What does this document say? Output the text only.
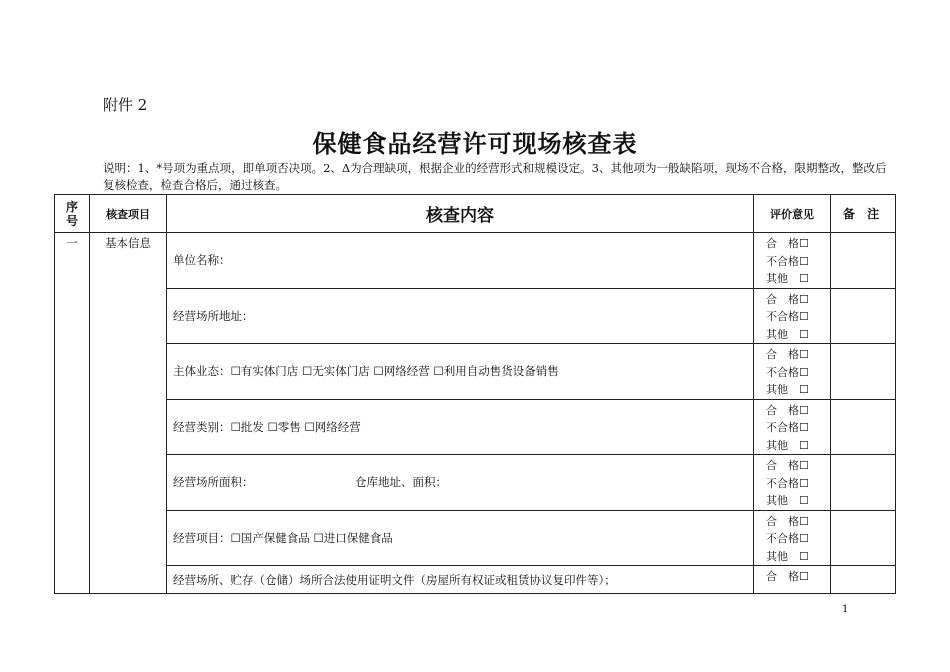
附件 2
保健食品经营许可现场核查表
说明：1、*号项为重点项，即单项否决项。2、Δ为合理缺项，根据企业的经营形式和规模设定。3、其他项为一般缺陷项，现场不合格，限期整改，整改后复核检查，检查合格后，通过核查。
序号	核查项目	核查内容	评价意见	备 注
一	基本信息	单位名称：	合　格☐
不合格☐
其他　☐	

		经营场所地址：	合　格☐
不合格☐
其他　☐	

		主体业态：☐有实体门店 ☐无实体门店 ☐网络经营 ☐利用自动售货设备销售	合　格☐
不合格☐
其他　☐	

		经营类别：☐批发 ☐零售 ☐网络经营	合　格☐
不合格☐
其他　☐	

		经营场所面积： 仓库地址、面积：	合　格☐
不合格☐
其他　☐	

		经营项目：☐国产保健食品 ☐进口保健食品	合　格☐
不合格☐
其他　☐	

		经营场所、贮存（仓储）场所合法使用证明文件（房屋所有权证或租赁协议复印件等）；	合　格☐	

1
